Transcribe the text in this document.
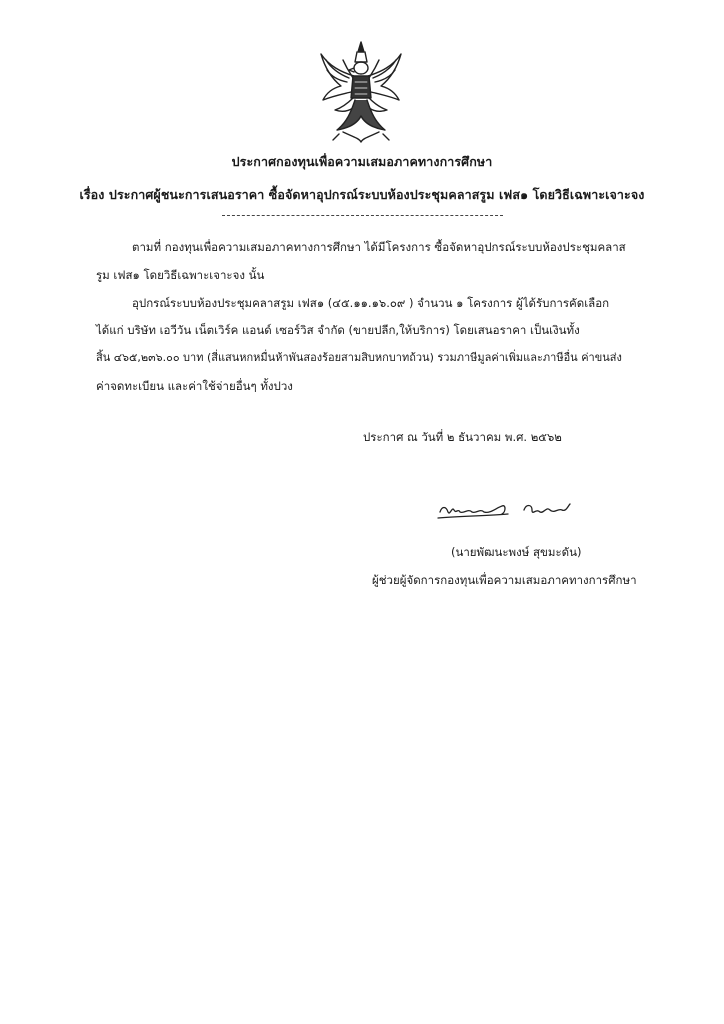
ประกาศกองทุนเพื่อความเสมอภาคทางการศึกษา
เรื่อง ประกาศผู้ชนะการเสนอราคา ซื้อจัดหาอุปกรณ์ระบบห้องประชุมคลาสรูม เฟส๑ โดยวิธีเฉพาะเจาะจง
ตามที่ กองทุนเพื่อความเสมอภาคทางการศึกษา ได้มีโครงการ ซื้อจัดหาอุปกรณ์ระบบห้องประชุมคลาส
รูม เฟส๑ โดยวิธีเฉพาะเจาะจง นั้น
อุปกรณ์ระบบห้องประชุมคลาสรูม เฟส๑ (๔๕.๑๑.๑๖.๐๙ ) จำนวน ๑ โครงการ ผู้ได้รับการคัดเลือก
ได้แก่ บริษัท เอวีวัน เน็ตเวิร์ค แอนด์ เซอร์วิส จำกัด (ขายปลีก,ให้บริการ) โดยเสนอราคา เป็นเงินทั้ง
สิ้น ๔๖๕,๒๓๖.๐๐ บาท (สี่แสนหกหมื่นห้าพันสองร้อยสามสิบหกบาทถ้วน) รวมภาษีมูลค่าเพิ่มและภาษีอื่น ค่าขนส่ง
ค่าจดทะเบียน และค่าใช้จ่ายอื่นๆ ทั้งปวง
ประกาศ ณ วันที่ ๒ ธันวาคม พ.ศ. ๒๕๖๒
(นายพัฒนะพงษ์ สุขมะดัน)
ผู้ช่วยผู้จัดการกองทุนเพื่อความเสมอภาคทางการศึกษา
